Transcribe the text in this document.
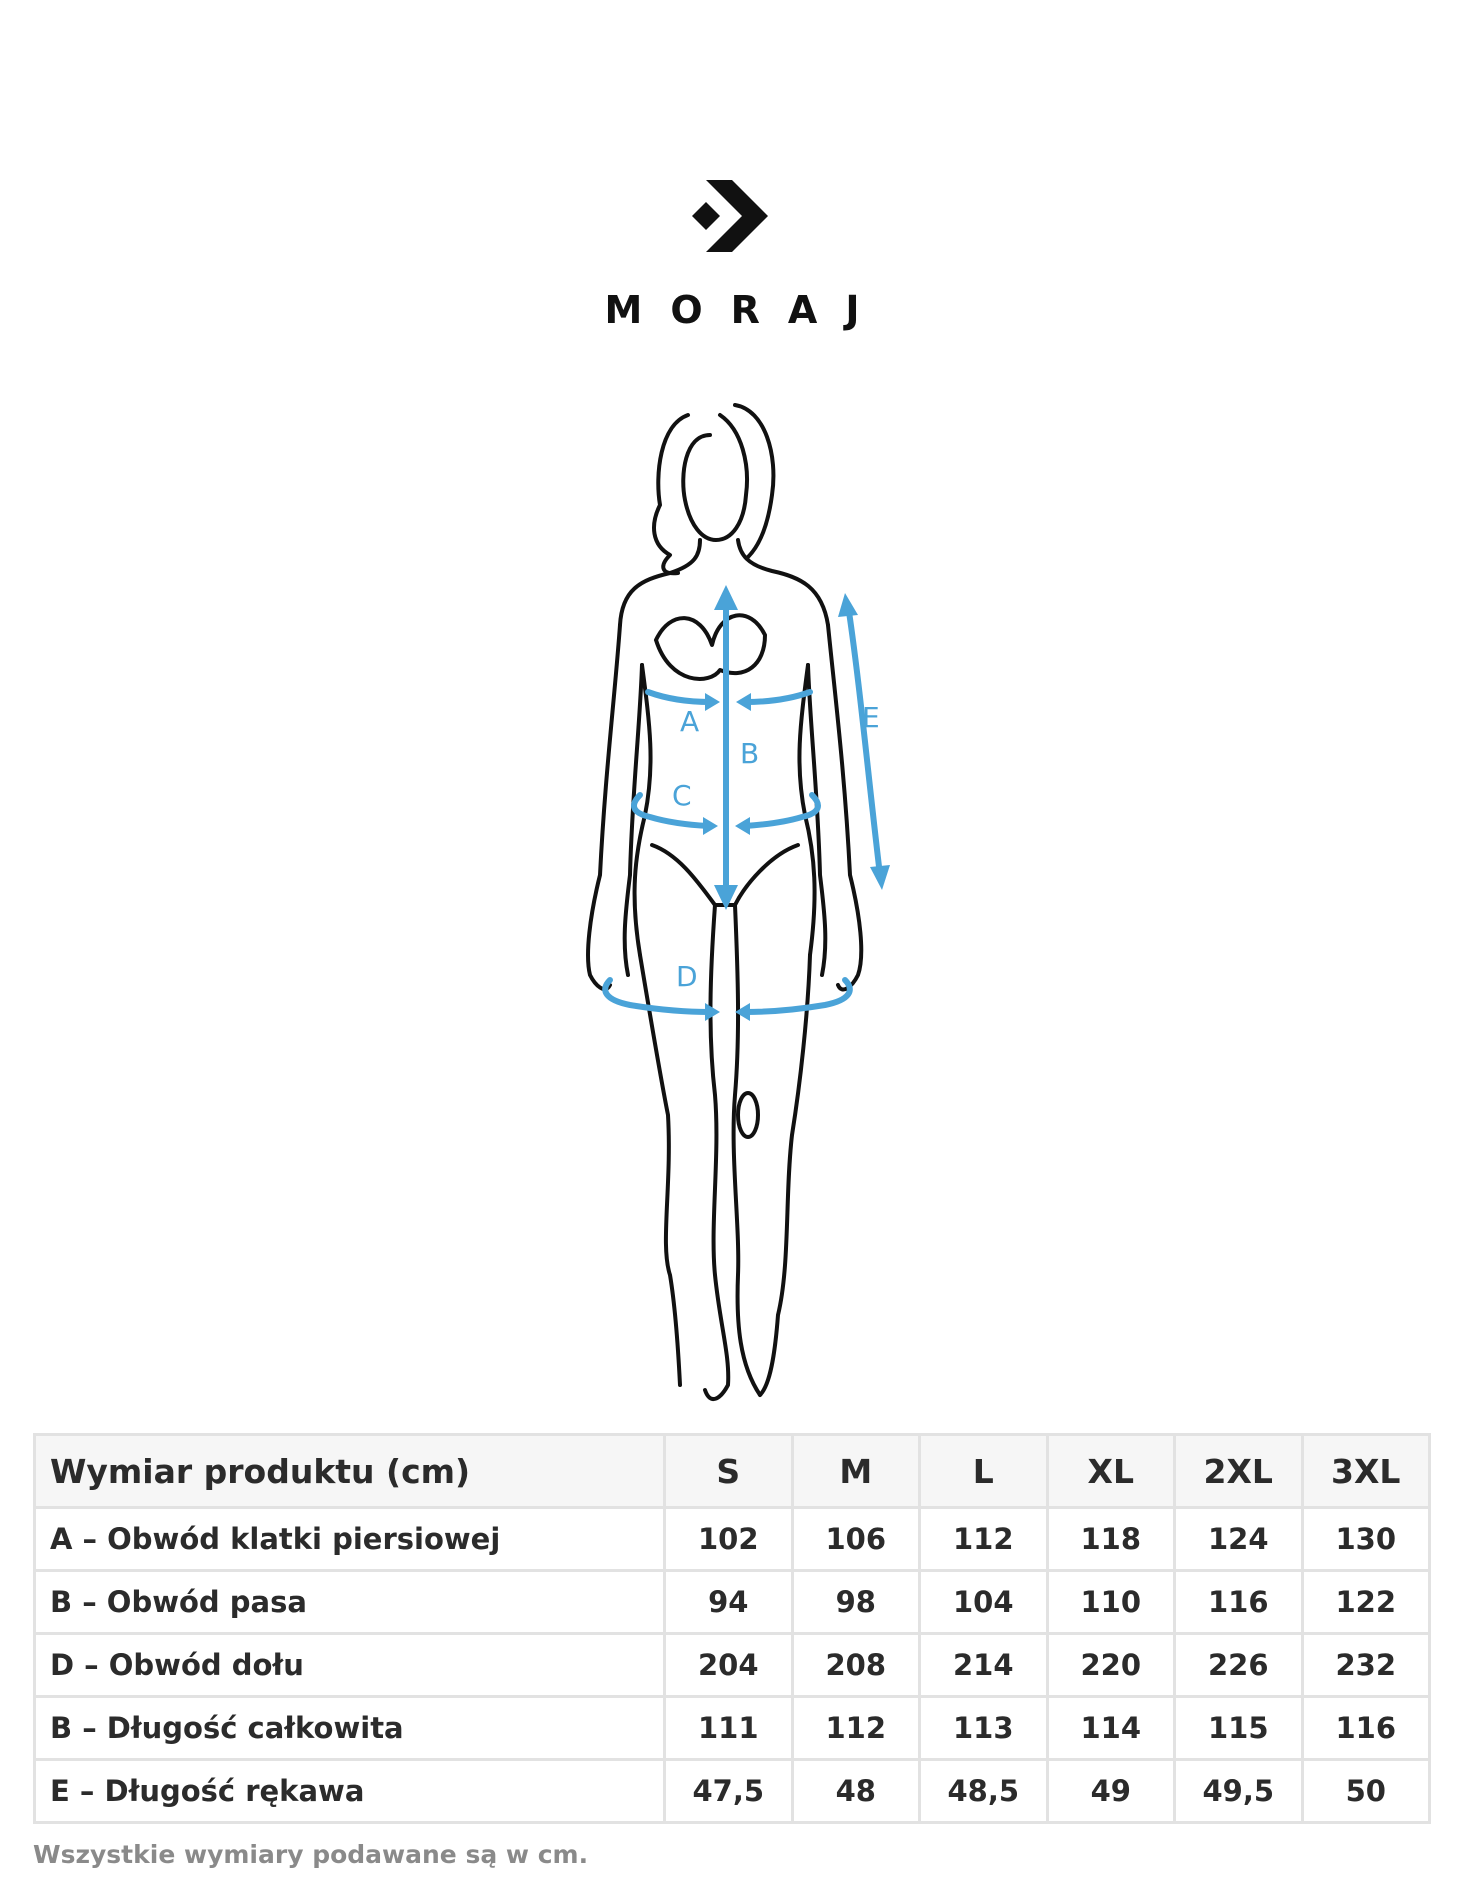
MORAJ
A
B
C
D
E
Wymiar produktu (cm)	S	M	L	XL	2XL	3XL
A – Obwód klatki piersiowej	102	106	112	118	124	130
B – Obwód pasa	94	98	104	110	116	122
D – Obwód dołu	204	208	214	220	226	232
B – Długość całkowita	111	112	113	114	115	116
E – Długość rękawa	47,5	48	48,5	49	49,5	50
Wszystkie wymiary podawane są w cm.
